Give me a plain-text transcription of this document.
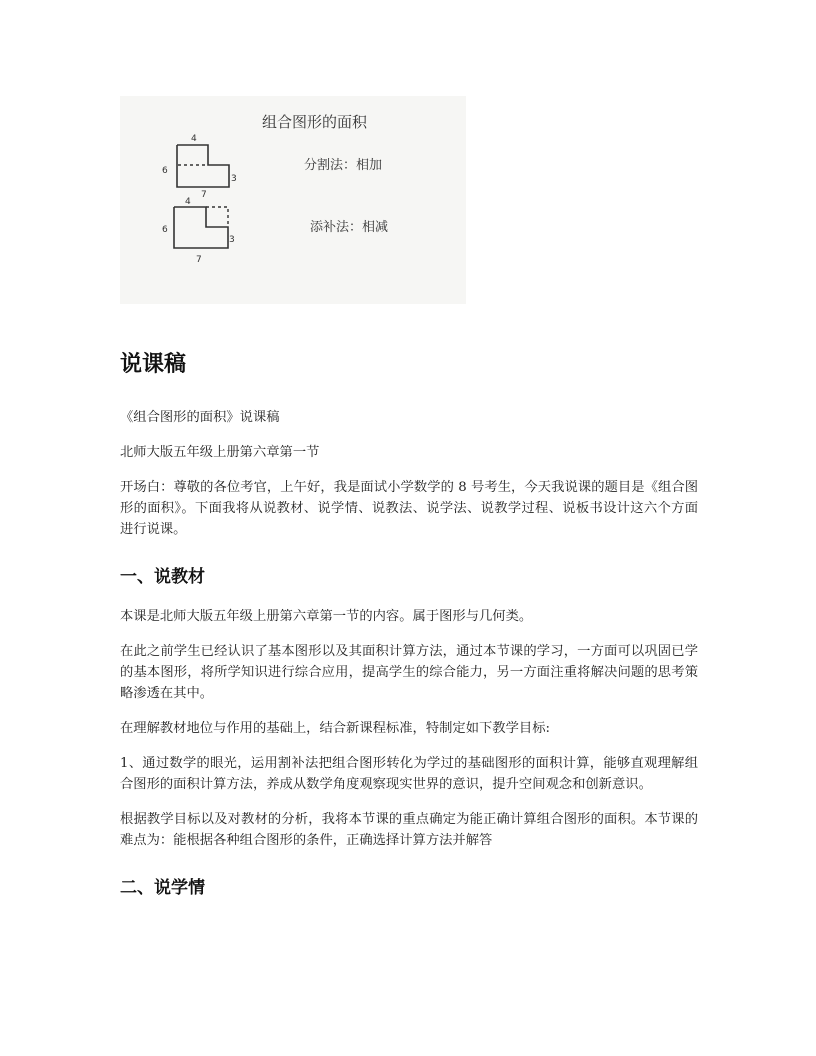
组合图形的面积
4
6
3
7
分割法：相加
4
6
3
7
添补法：相减
说课稿

《组合图形的面积》说课稿

北师大版五年级上册第六章第一节

开场白：尊敬的各位考官，上午好，我是面试小学数学的 8 号考生，今天我说课的题目是《组合图形的面积》。下面我将从说教材、说学情、说教法、说学法、说教学过程、说板书设计这六个方面进行说课。

一、说教材

本课是北师大版五年级上册第六章第一节的内容。属于图形与几何类。

在此之前学生已经认识了基本图形以及其面积计算方法，通过本节课的学习，一方面可以巩固已学的基本图形，将所学知识进行综合应用，提高学生的综合能力，另一方面注重将解决问题的思考策略渗透在其中。

在理解教材地位与作用的基础上，结合新课程标准，特制定如下教学目标:

1、通过数学的眼光，运用割补法把组合图形转化为学过的基础图形的面积计算，能够直观理解组合图形的面积计算方法，养成从数学角度观察现实世界的意识，提升空间观念和创新意识。

根据教学目标以及对教材的分析，我将本节课的重点确定为能正确计算组合图形的面积。本节课的难点为：能根据各种组合图形的条件，正确选择计算方法并解答

二、说学情
